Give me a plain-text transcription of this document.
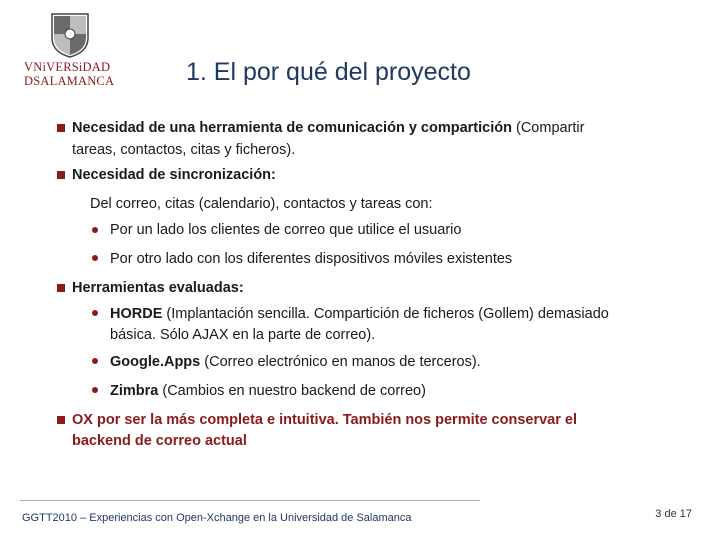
VNiVERSiDAD
DSALAMANCA	1. El por qué del proyecto
Necesidad de una herramienta de comunicación y compartición (Compartir
tareas, contactos, citas y ficheros).
Necesidad de sincronización:
Del correo, citas (calendario), contactos y tareas con:
Por un lado los clientes de correo que utilice el usuario
Por otro lado con los diferentes dispositivos móviles existentes
Herramientas evaluadas:
HORDE (Implantación sencilla. Compartición de ficheros (Gollem) demasiado
básica. Sólo AJAX en la parte de correo).
Google.Apps (Correo electrónico en manos de terceros).
Zimbra (Cambios en nuestro backend de correo)
OX por ser la más completa e intuitiva. También nos permite conservar el
backend de correo actual
GGTT2010 – Experiencias con Open-Xchange en la Universidad de Salamanca	3 de 17
